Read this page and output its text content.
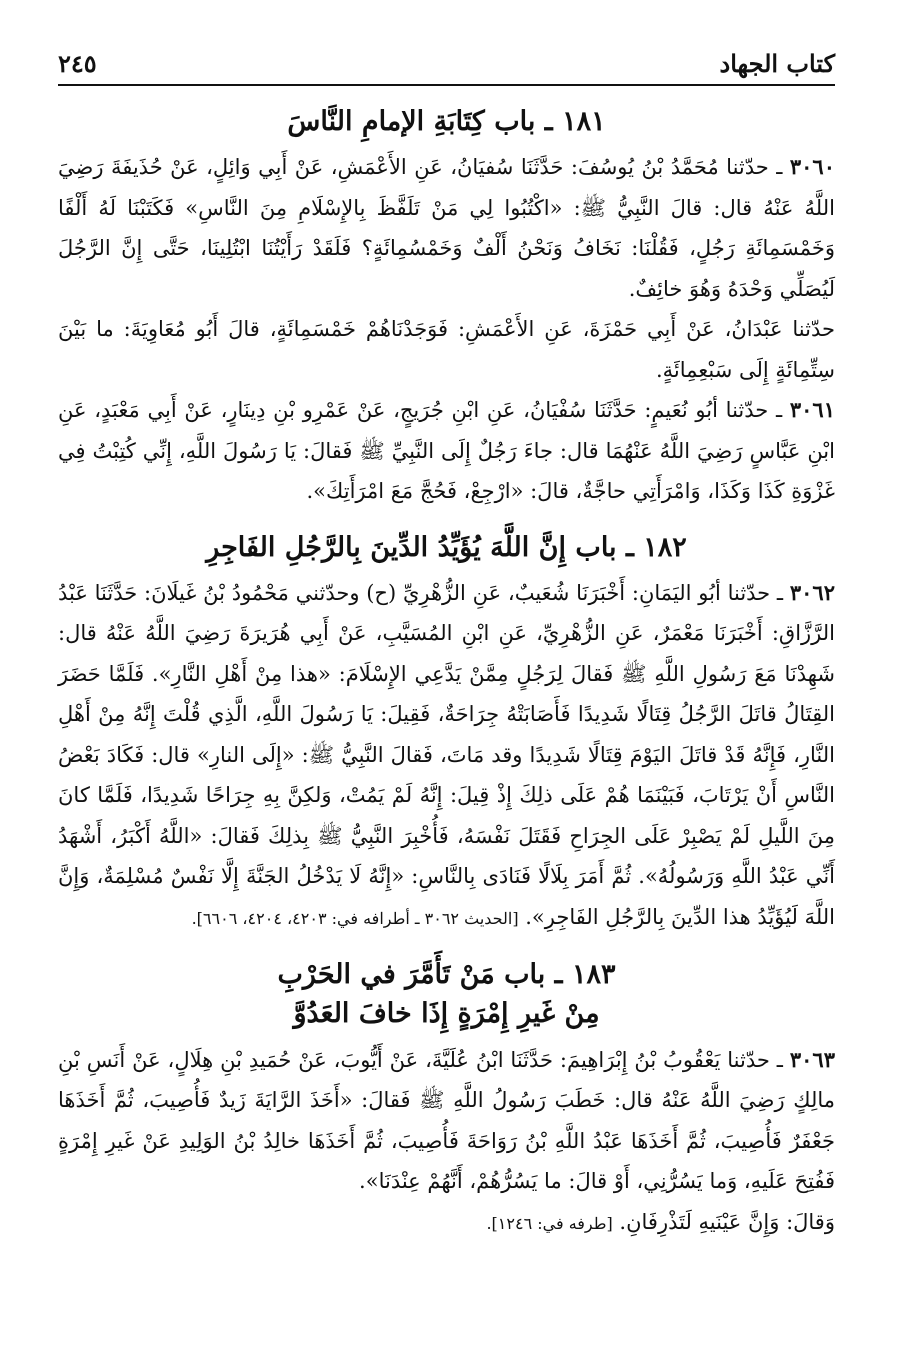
كتاب الجهاد
٢٤٥
١٨١ ـ باب كِتَابَةِ الإمامِ النَّاسَ

٣٠٦٠ ـ حدّثنا مُحَمَّدُ بْنُ يُوسُفَ: حَدَّثَنَا سُفيَانُ، عَنِ الأَعْمَشِ، عَنْ أَبِي وَائِلٍ، عَنْ حُذَيفَةَ رَضِيَ اللَّهُ عَنْهُ قال: قالَ النَّبِيُّ ﷺ: «اكْتُبُوا لِي مَنْ تَلَفَّظَ بِالإِسْلَامِ مِنَ النَّاسِ» فَكَتَبْنَا لَهُ أَلْفًا وَخَمْسَمِائَةِ رَجُلٍ، فَقُلْنَا: نَخَافُ وَنَحْنُ أَلْفٌ وَخَمْسُمِائَةٍ؟ فَلَقَدْ رَأَيْتُنَا ابْتُلِينَا، حَتَّى إِنَّ الرَّجُلَ لَيُصَلِّي وَحْدَهُ وَهُوَ خائِفٌ.

حدّثنا عَبْدَانُ، عَنْ أَبِي حَمْزَةَ، عَنِ الأَعْمَشِ: فَوَجَدْنَاهُمْ خَمْسَمِائَةٍ، قالَ أَبُو مُعَاوِيَةَ: ما بَيْنَ سِتِّمِائَةٍ إِلَى سَبْعِمِائَةٍ.

٣٠٦١ ـ حدّثنا أبُو نُعَيمٍ: حَدَّثَنَا سُفْيَانُ، عَنِ ابْنِ جُرَيجٍ، عَنْ عَمْرِو بْنِ دِينَارٍ، عَنْ أَبِي مَعْبَدٍ، عَنِ ابْنِ عَبَّاسٍ رَضِيَ اللَّهُ عَنْهُمَا قال: جاءَ رَجُلٌ إِلَى النَّبِيِّ ﷺ فَقالَ: يَا رَسُولَ اللَّهِ، إِنِّي كُتِبْتُ فِي غَزْوَةِ كَذَا وَكَذَا، وَامْرَأَتِي حاجَّةٌ، قالَ: «ارْجِعْ، فَحُجَّ مَعَ امْرَأَتِكَ».

١٨٢ ـ باب إِنَّ اللَّهَ يُؤَيِّدُ الدِّينَ بِالرَّجُلِ الفَاجِرِ

٣٠٦٢ ـ حدّثنا أبُو اليَمَانِ: أَخْبَرَنَا شُعَيبٌ، عَنِ الزُّهْرِيِّ (ح) وحدّثني مَحْمُودُ بْنُ غَيلَانَ: حَدَّثَنَا عَبْدُ الرَّزَّاقِ: أَخْبَرَنَا مَعْمَرٌ، عَنِ الزُّهْرِيِّ، عَنِ ابْنِ المُسَيَّبِ، عَنْ أَبِي هُرَيرَةَ رَضِيَ اللَّهُ عَنْهُ قال: شَهِدْنَا مَعَ رَسُولِ اللَّهِ ﷺ فَقالَ لِرَجُلٍ مِمَّنْ يَدَّعِي الإِسْلَامَ: «هذا مِنْ أَهْلِ النَّارِ». فَلَمَّا حَضَرَ القِتَالُ قاتَلَ الرَّجُلُ قِتَالًا شَدِيدًا فَأَصَابَتْهُ جِرَاحَةٌ، فَقِيلَ: يَا رَسُولَ اللَّهِ، الَّذِي قُلْتَ إِنَّهُ مِنْ أَهْلِ النَّارِ، فَإِنَّهُ قَدْ قاتَلَ اليَوْمَ قِتَالًا شَدِيدًا وقد مَاتَ، فَقالَ النَّبِيُّ ﷺ: «إِلَى النارِ» قال: فَكَادَ بَعْضُ النَّاسِ أَنْ يَرْتَابَ، فَبَيْنَمَا هُمْ عَلَى ذلِكَ إِذْ قِيلَ: إِنَّهُ لَمْ يَمُتْ، وَلكِنَّ بِهِ جِرَاحًا شَدِيدًا، فَلَمَّا كانَ مِنَ اللَّيلِ لَمْ يَصْبِرْ عَلَى الجِرَاحِ فَقَتَلَ نَفْسَهُ، فَأُخْبِرَ النَّبِيُّ ﷺ بِذلِكَ فَقالَ: «اللَّهُ أَكْبَرُ، أَشْهَدُ أَنِّي عَبْدُ اللَّهِ وَرَسُولُهُ». ثُمَّ أَمَرَ بِلَالًا فَنَادَى بِالنَّاسِ: «إِنَّهُ لَا يَدْخُلُ الجَنَّةَ إِلَّا نَفْسٌ مُسْلِمَةٌ، وَإِنَّ اللَّهَ لَيُؤَيِّدُ هذا الدِّينَ بِالرَّجُلِ الفَاجِرِ». [الحديث ٣٠٦٢ ـ أطرافه في: ٤٢٠٣، ٤٢٠٤، ٦٦٠٦].

١٨٣ ـ باب مَنْ تَأَمَّرَ في الحَرْبِ
مِنْ غَيرِ إِمْرَةٍ إِذَا خافَ العَدُوَّ

٣٠٦٣ ـ حدّثنا يَعْقُوبُ بْنُ إِبْرَاهِيمَ: حَدَّثَنَا ابْنُ عُلَيَّةَ، عَنْ أَيُّوبَ، عَنْ حُمَيدِ بْنِ هِلَالٍ، عَنْ أَنَسِ بْنِ مالِكٍ رَضِيَ اللَّهُ عَنْهُ قال: خَطَبَ رَسُولُ اللَّهِ ﷺ فَقالَ: «أَخَذَ الرَّايَةَ زَيدٌ فَأُصِيبَ، ثُمَّ أَخَذَهَا جَعْفَرٌ فَأُصِيبَ، ثُمَّ أَخَذَهَا عَبْدُ اللَّهِ بْنُ رَوَاحَةَ فَأُصِيبَ، ثُمَّ أَخَذَهَا خالِدُ بْنُ الوَلِيدِ عَنْ غَيرِ إِمْرَةٍ فَفُتِحَ عَلَيهِ، وَما يَسُرُّنِي، أَوْ قالَ: ما يَسُرُّهُمْ، أَنَّهُمْ عِنْدَنَا».

وَقالَ: وَإِنَّ عَيْنَيهِ لَتَذْرِفَانِ. [طرفه في: ١٢٤٦].
